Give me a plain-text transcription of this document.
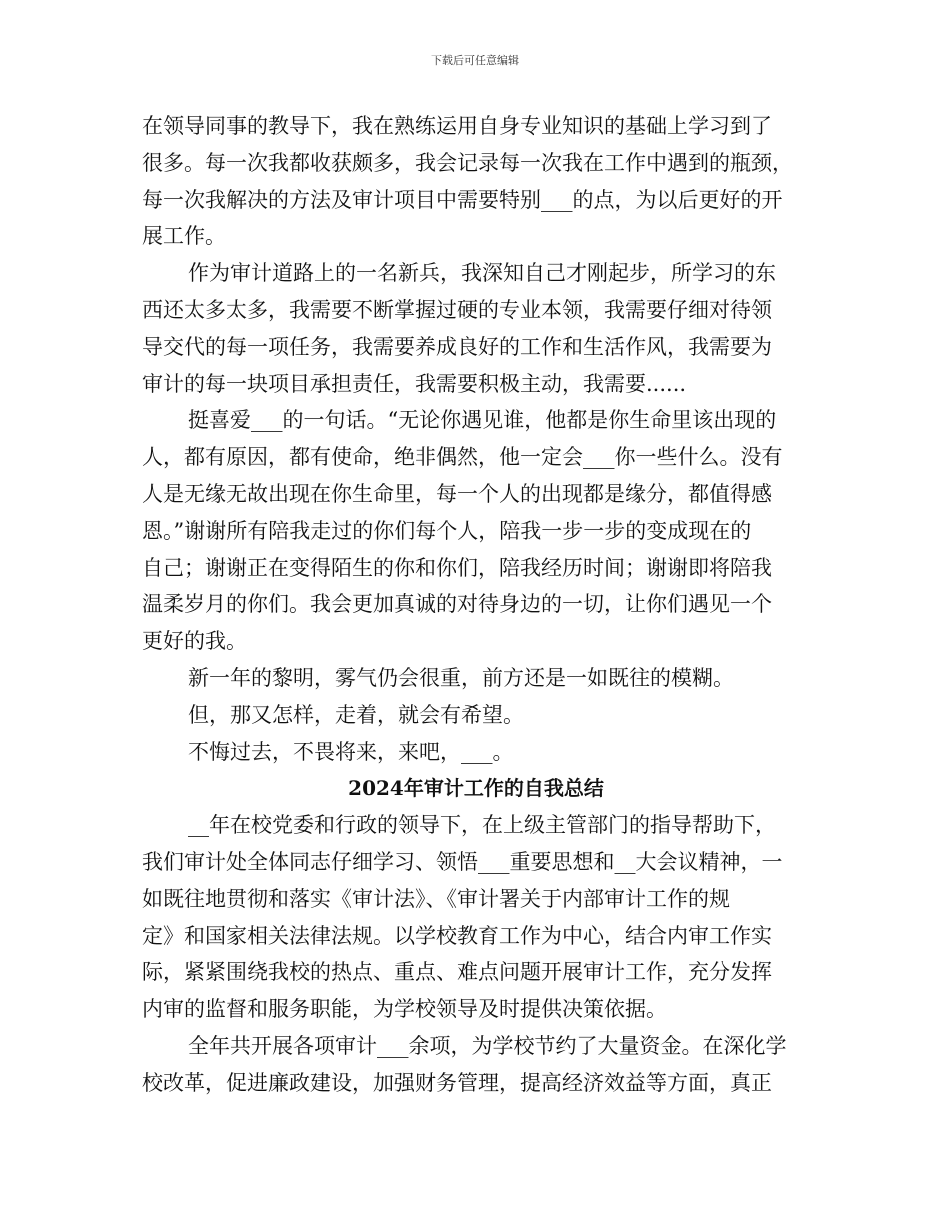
下载后可任意编辑
在领导同事的教导下，我在熟练运用自身专业知识的基础上学习到了
很多。每一次我都收获颇多，我会记录每一次我在工作中遇到的瓶颈，
每一次我解决的方法及审计项目中需要特别___的点，为以后更好的开
展工作。
作为审计道路上的一名新兵，我深知自己才刚起步，所学习的东
西还太多太多，我需要不断掌握过硬的专业本领，我需要仔细对待领
导交代的每一项任务，我需要养成良好的工作和生活作风，我需要为
审计的每一块项目承担责任，我需要积极主动，我需要......
挺喜爱___的一句话。“无论你遇见谁，他都是你生命里该出现的
人，都有原因，都有使命，绝非偶然，他一定会___你一些什么。没有
人是无缘无故出现在你生命里，每一个人的出现都是缘分，都值得感
恩。”谢谢所有陪我走过的你们每个人，陪我一步一步的变成现在的
自己；谢谢正在变得陌生的你和你们，陪我经历时间；谢谢即将陪我
温柔岁月的你们。我会更加真诚的对待身边的一切，让你们遇见一个
更好的我。
新一年的黎明，雾气仍会很重，前方还是一如既往的模糊。
但，那又怎样，走着，就会有希望。
不悔过去，不畏将来，来吧，___。
2024年审计工作的自我总结
__年在校党委和行政的领导下，在上级主管部门的指导帮助下，
我们审计处全体同志仔细学习、领悟___重要思想和__大会议精神，一
如既往地贯彻和落实《审计法》、《审计署关于内部审计工作的规
定》和国家相关法律法规。以学校教育工作为中心，结合内审工作实
际，紧紧围绕我校的热点、重点、难点问题开展审计工作，充分发挥
内审的监督和服务职能，为学校领导及时提供决策依据。
全年共开展各项审计___余项，为学校节约了大量资金。在深化学
校改革，促进廉政建设，加强财务管理，提高经济效益等方面，真正
